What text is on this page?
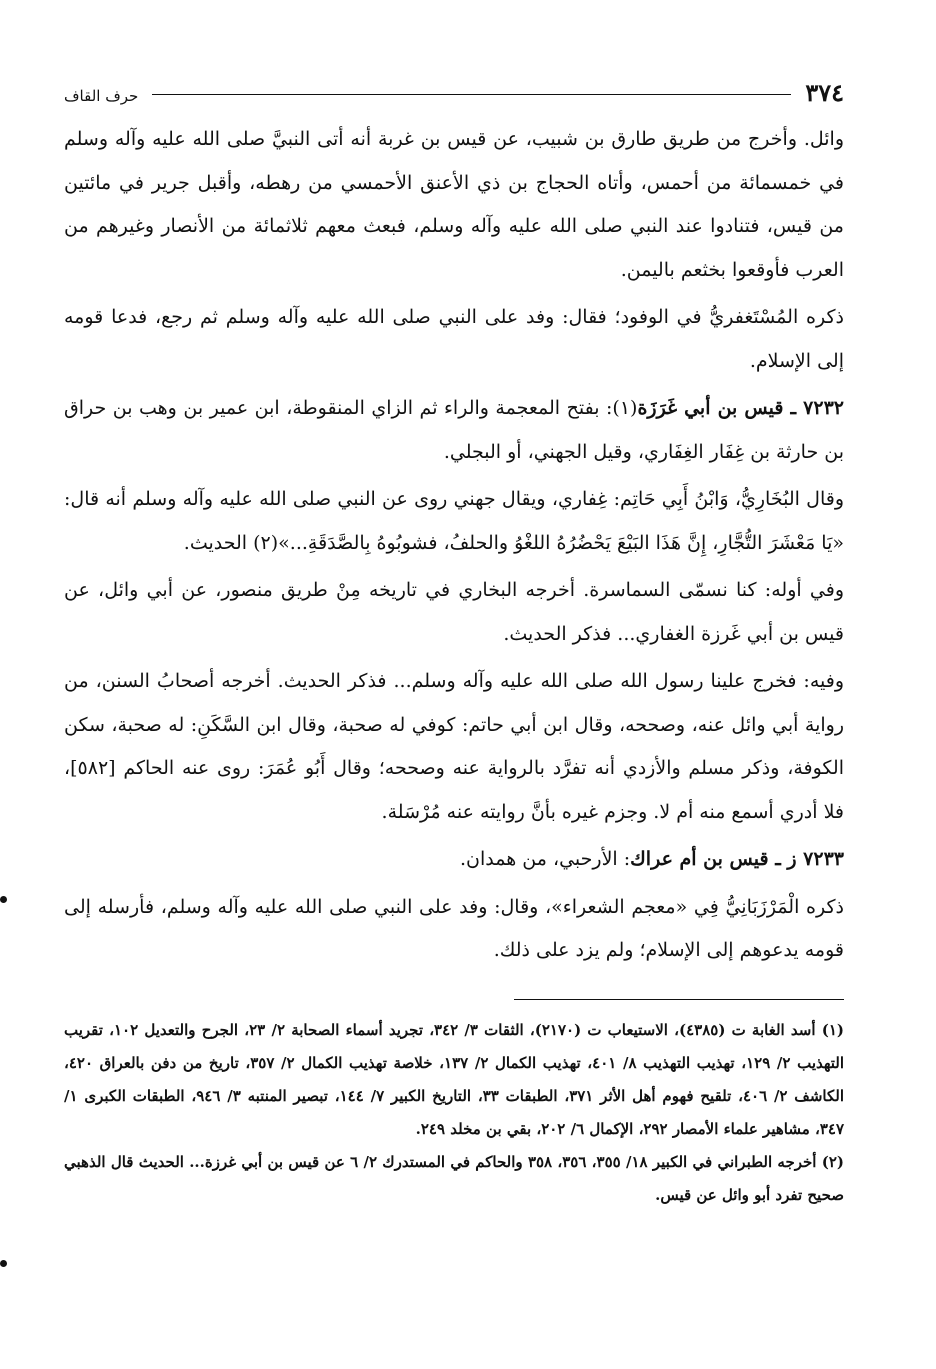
٣٧٤
حرف القاف

وائل. وأخرج من طريق طارق بن شبيب، عن قيس بن غربة أنه أتى النبيَّ صلى الله عليه وآله وسلم في خمسمائة من أحمس، وأتاه الحجاج بن ذي الأعنق الأحمسي من رهطه، وأقبل جرير في مائتين من قيس، فتنادوا عند النبي صلى الله عليه وآله وسلم، فبعث معهم ثلاثمائة من الأنصار وغيرهم من العرب فأوقعوا بخثعم باليمن.

ذكره المُسْتَغفريُّ في الوفود؛ فقال: وفد على النبي صلى الله عليه وآله وسلم ثم رجع، فدعا قومه إلى الإسلام.

٧٢٣٢ ـ قيس بن أبي غَرَزَة(١): بفتح المعجمة والراء ثم الزاي المنقوطة، ابن عمير بن وهب بن حراق بن حارثة بن غِفَار الغِفَاري، وقيل الجهني، أو البجلي.

وقال البُخَارِيُّ، وَابْنُ أَبِي حَاتِم: غِفاري، ويقال جهني روى عن النبي صلى الله عليه وآله وسلم أنه قال: «يَا مَعْشَرَ التُّجَّارِ، إِنَّ هَذَا البَيْعَ يَحْضُرُهُ اللغْوُ والحلفُ، فشوبُوهُ بِالصَّدَقَةِ...»(٢) الحديث.

وفي أوله: كنا نسمّى السماسرة. أخرجه البخاري في تاريخه مِنْ طريق منصور، عن أبي وائل، عن قيس بن أبي غَرزة الغفاري... فذكر الحديث.

وفيه: فخرج علينا رسول الله صلى الله عليه وآله وسلم... فذكر الحديث. أخرجه أصحابُ السنن، من رواية أبي وائل عنه، وصححه، وقال ابن أبي حاتم: كوفي له صحبة، وقال ابن السَّكَنِ: له صحبة، سكن الكوفة، وذكر مسلم والأزدي أنه تفرَّد بالرواية عنه وصححه؛ وقال أَبُو عُمَرَ: روى عنه الحاكم [٥٨٢]، فلا أدري أسمع منه أم لا. وجزم غيره بأنَّ روايته عنه مُرْسَلة.

٧٢٣٣ ز ـ قيس بن أم عراك: الأرحبي، من همدان.

ذكره الْمَرْزَبَانِيُّ فِي «معجم الشعراء»، وقال: وفد على النبي صلى الله عليه وآله وسلم، فأرسله إلى قومه يدعوهم إلى الإسلام؛ ولم يزد على ذلك.

(١) أسد الغابة ت (٤٣٨٥)، الاستيعاب ت (٢١٧٠)، الثقات ٣/ ٣٤٢، تجريد أسماء الصحابة ٢/ ٢٣، الجرح والتعديل ١٠٢، تقريب التهذيب ٢/ ١٢٩، تهذيب التهذيب ٨/ ٤٠١، تهذيب الكمال ٢/ ١٣٧، خلاصة تهذيب الكمال ٢/ ٣٥٧، تاريخ من دفن بالعراق ٤٢٠، الكاشف ٢/ ٤٠٦، تلقيح فهوم أهل الأثر ٣٧١، الطبقات ٣٣، التاريخ الكبير ٧/ ١٤٤، تبصير المنتبه ٣/ ٩٤٦، الطبقات الكبرى ١/ ٣٤٧، مشاهير علماء الأمصار ٢٩٢، الإكمال ٦/ ٢٠٢، بقي بن مخلد ٢٤٩.

(٢) أخرجه الطبراني في الكبير ١٨/ ٣٥٥، ٣٥٦، ٣٥٨ والحاكم في المستدرك ٢/ ٦ عن قيس بن أبي غرزة... الحديث قال الذهبي صحيح تفرد أبو وائل عن قيس.
